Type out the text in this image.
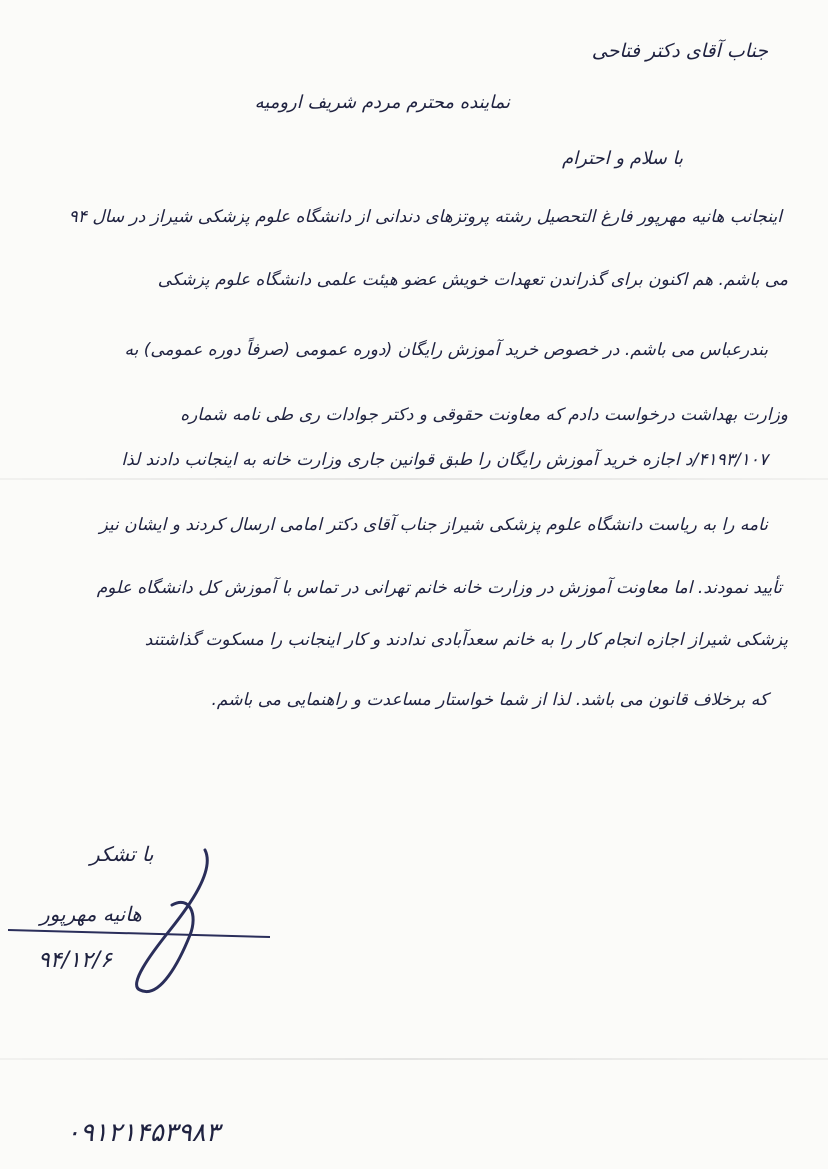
جناب آقای دکتر فتاحی
نماینده محترم مردم شریف ارومیه
با سلام و احترام
اینجانب هانیه مهرپور فارغ التحصیل رشته پروتزهای دندانی از دانشگاه علوم پزشکی شیراز در سال ۹۴
می باشم. هم اکنون برای گذراندن تعهدات خویش عضو هیئت علمی دانشگاه علوم پزشکی
بندرعباس می باشم. در خصوص خرید آموزش رایگان (دوره عمومی (صرفاً دوره عمومی) به
وزارت بهداشت درخواست دادم که معاونت حقوقی و دکتر جوادات ری طی نامه شماره
۴۱۹۳/۱۰۷/د اجازه خرید آموزش رایگان را طبق قوانین جاری وزارت خانه به اینجانب دادند لذا
نامه را به ریاست دانشگاه علوم پزشکی شیراز جناب آقای دکتر امامی ارسال کردند و ایشان نیز
تأیید نمودند. اما معاونت آموزش در وزارت خانه خانم تهرانی در تماس با آموزش کل دانشگاه علوم
پزشکی شیراز اجازه انجام کار را به خانم سعدآبادی ندادند و کار اینجانب را مسکوت گذاشتند
که برخلاف قانون می باشد. لذا از شما خواستار مساعدت و راهنمایی می باشم.
با تشکر
هانیه مهرپور
۹۴/۱۲/۶
۰۹۱۲۱۴۵۳۹۸۳
